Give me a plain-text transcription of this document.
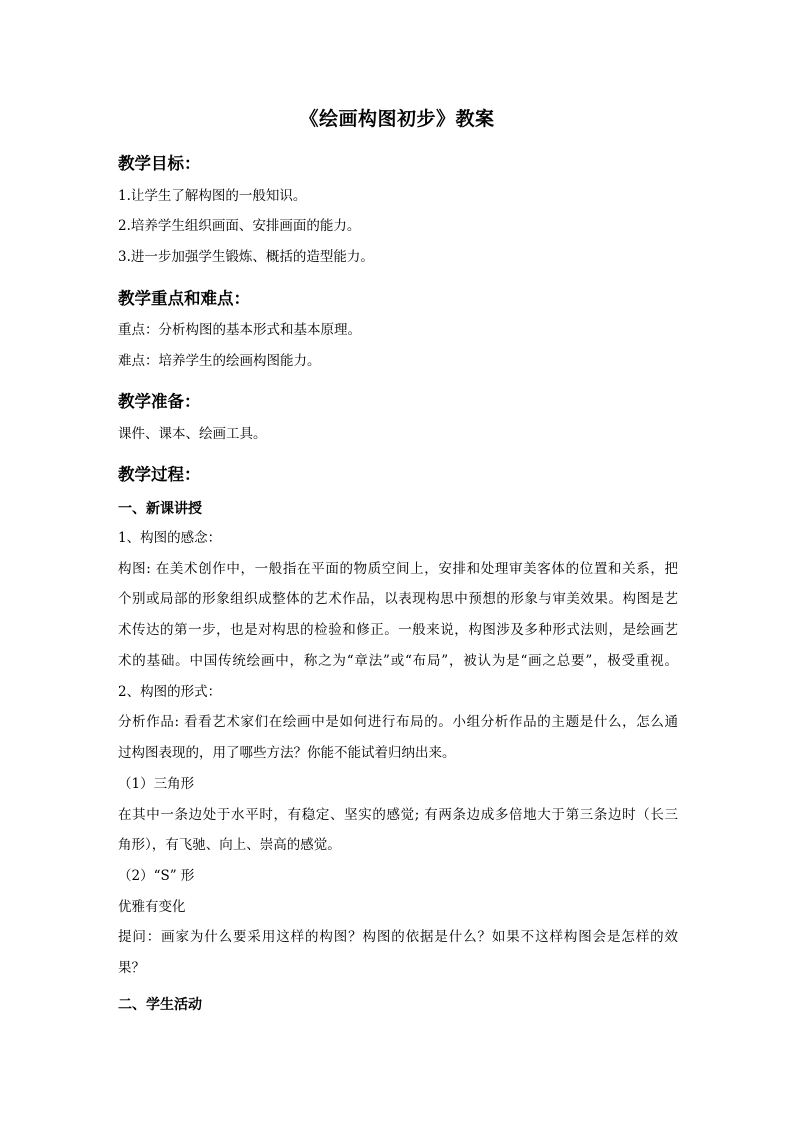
《绘画构图初步》教案
教学目标：
1.让学生了解构图的一般知识。
2.培养学生组织画面、安排画面的能力。
3.进一步加强学生锻炼、概括的造型能力。
教学重点和难点：
重点：分析构图的基本形式和基本原理。
难点：培养学生的绘画构图能力。
教学准备：
课件、课本、绘画工具。
教学过程：
一、新课讲授
1、构图的感念：
构图: 在美术创作中，一般指在平面的物质空间上，安排和处理审美客体的位置和关系，把
个别或局部的形象组织成整体的艺术作品，以表现构思中预想的形象与审美效果。构图是艺
术传达的第一步，也是对构思的检验和修正。一般来说，构图涉及多种形式法则，是绘画艺
术的基础。中国传统绘画中，称之为“章法”或“布局”，被认为是“画之总要”，极受重视。
2、构图的形式：
分析作品: 看看艺术家们在绘画中是如何进行布局的。小组分析作品的主题是什么，怎么通
过构图表现的，用了哪些方法？你能不能试着归纳出来。
（1）三角形
在其中一条边处于水平时，有稳定、坚实的感觉; 有两条边成多倍地大于第三条边时（长三
角形），有飞驰、向上、崇高的感觉。
（2）“S” 形
优雅有变化
提问：画家为什么要采用这样的构图？构图的依据是什么？如果不这样构图会是怎样的效
果？
二、学生活动
